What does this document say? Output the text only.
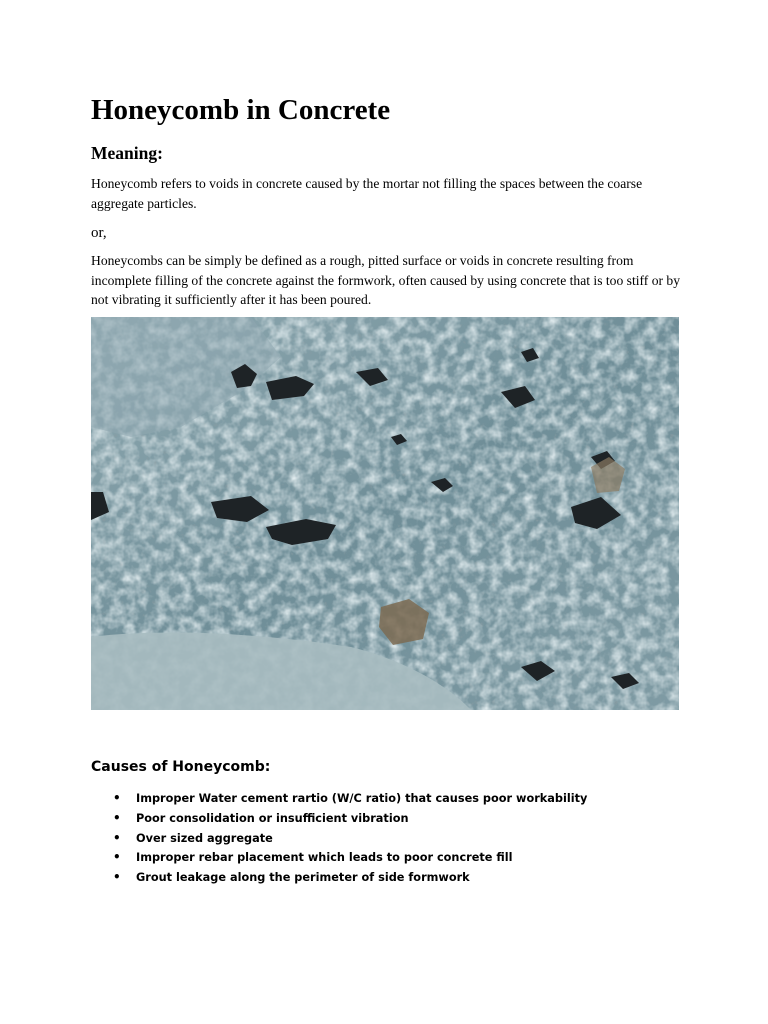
Honeycomb in Concrete
Meaning:

Honeycomb refers to voids in concrete caused by the mortar not filling the spaces between the coarse aggregate particles.

or,

Honeycombs can be simply be defined as a rough, pitted surface or voids in concrete resulting from incomplete filling of the concrete against the formwork, often caused by using concrete that is too stiff or by not vibrating it sufficiently after it has been poured.

Causes of Honeycomb:
• Improper Water cement rartio (W/C ratio) that causes poor workability
• Poor consolidation or insufficient vibration
• Over sized aggregate
• Improper rebar placement which leads to poor concrete fill
• Grout leakage along the perimeter of side formwork
